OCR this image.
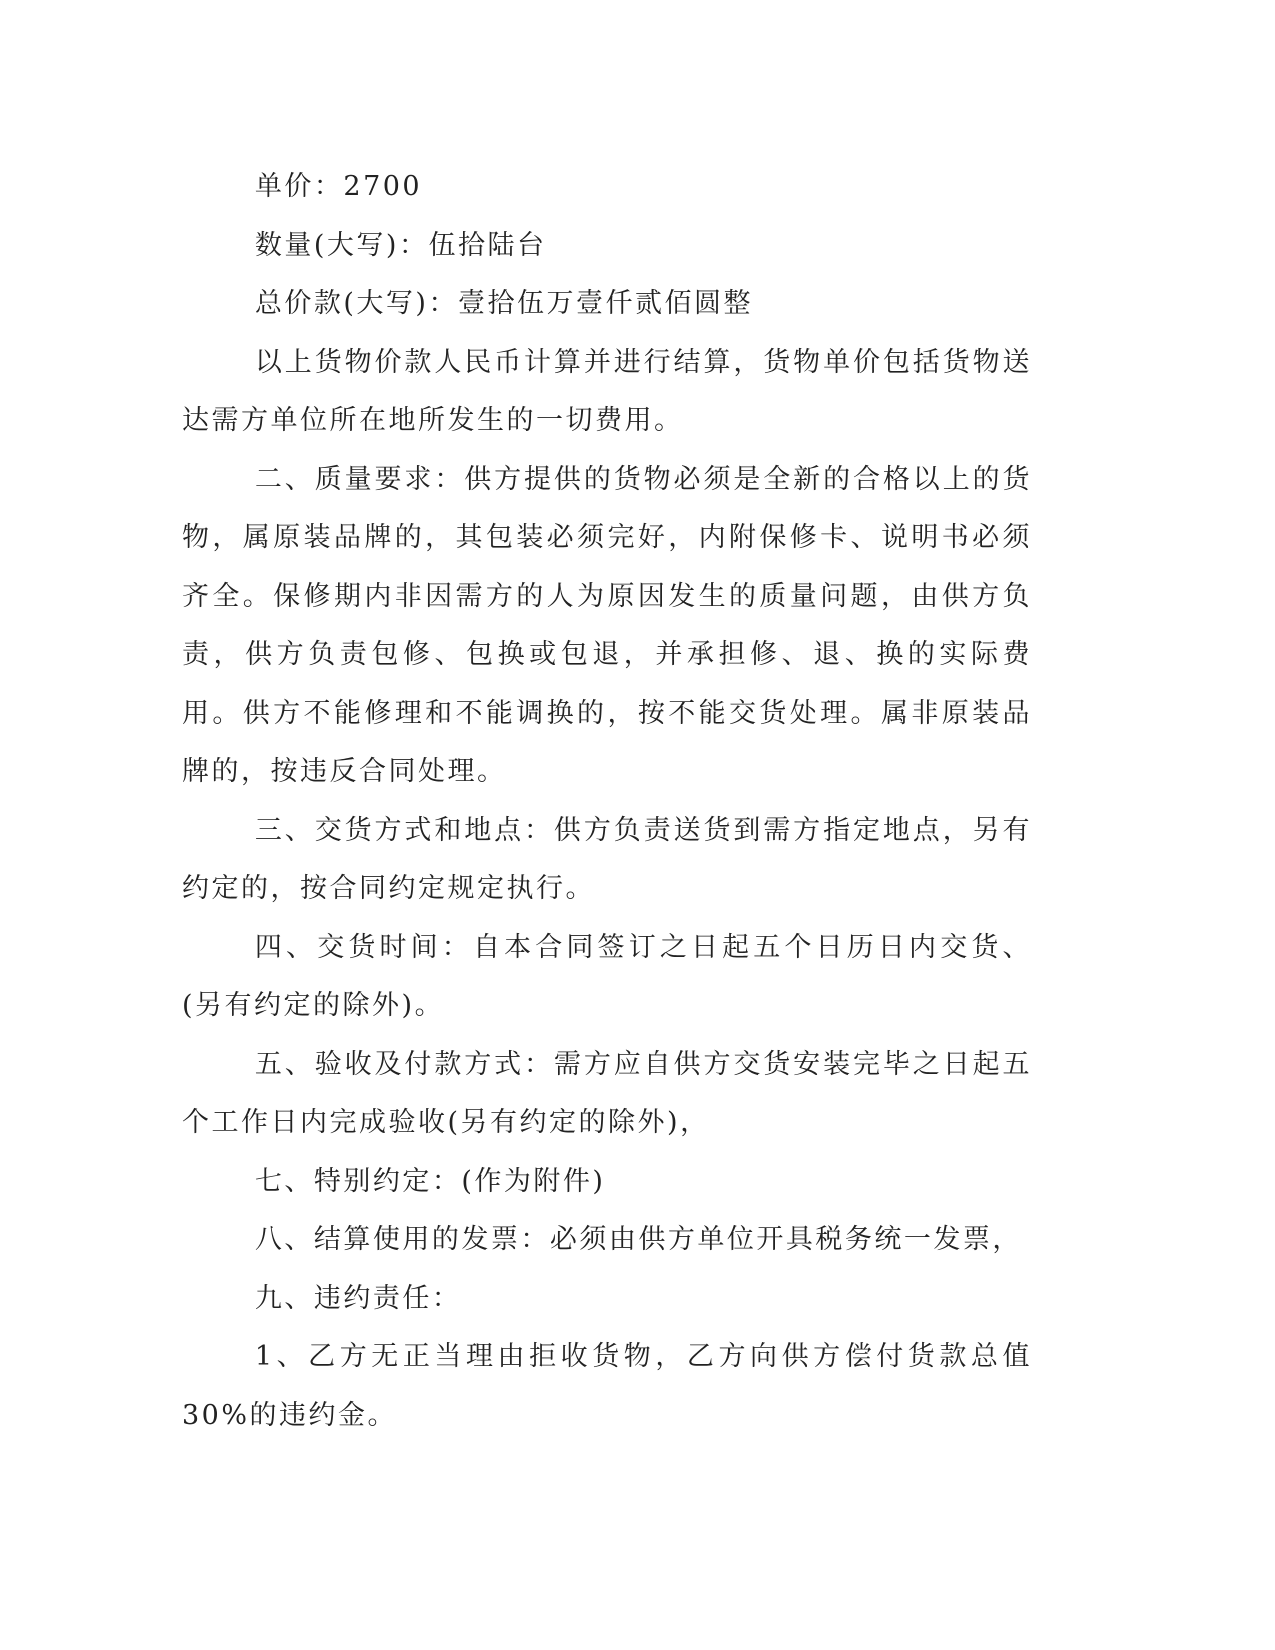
单价：2700

数量(大写)：伍拾陆台

总价款(大写)：壹拾伍万壹仟贰佰圆整

以上货物价款人民币计算并进行结算，货物单价包括货物送达需方单位所在地所发生的一切费用。

二、质量要求：供方提供的货物必须是全新的合格以上的货物，属原装品牌的，其包装必须完好，内附保修卡、说明书必须齐全。保修期内非因需方的人为原因发生的质量问题，由供方负责，供方负责包修、包换或包退，并承担修、退、换的实际费用。供方不能修理和不能调换的，按不能交货处理。属非原装品牌的，按违反合同处理。

三、交货方式和地点：供方负责送货到需方指定地点，另有约定的，按合同约定规定执行。

四、交货时间：自本合同签订之日起五个日历日内交货、(另有约定的除外)。

五、验收及付款方式：需方应自供方交货安装完毕之日起五个工作日内完成验收(另有约定的除外)，

七、特别约定：(作为附件)

八、结算使用的发票：必须由供方单位开具税务统一发票，

九、违约责任：

1、乙方无正当理由拒收货物，乙方向供方偿付货款总值30%的违约金。
